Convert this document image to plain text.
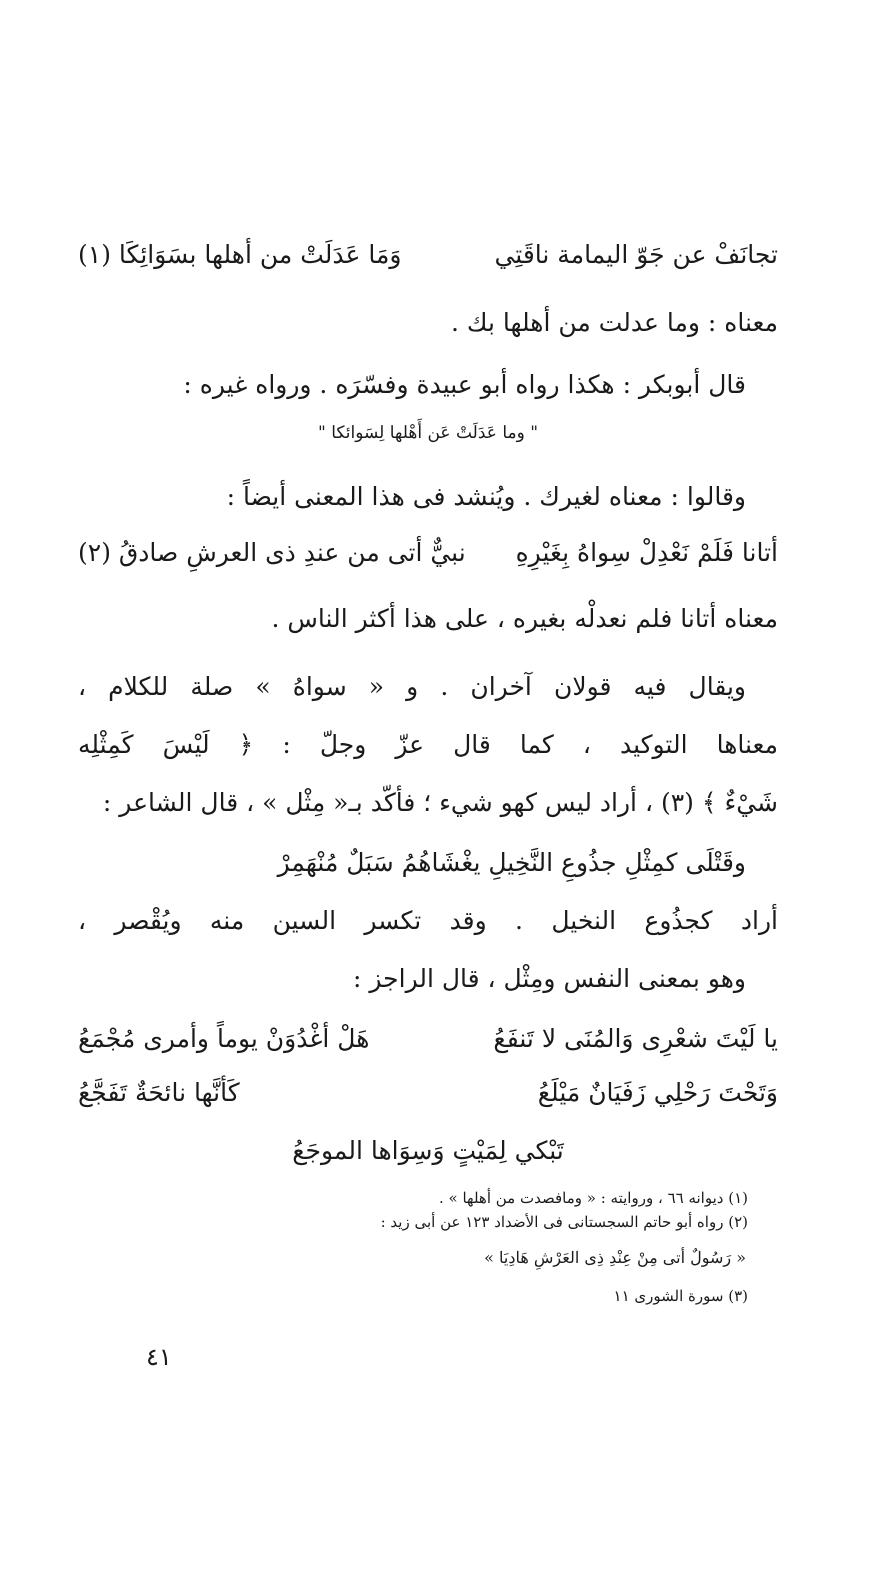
تجانَفْ عن جَوّ اليمامة ناقَتِي
وَمَا عَدَلَتْ من أهلها بسَوَائِكَا (١)
معناه : وما عدلت من أهلها بك .
قال أبوبكر : هكذا رواه أبو عبيدة وفسّرَه . ورواه غيره :
" وما عَدَلَتْ عَن أَهْلها لِسَوائكا "
وقالوا : معناه لغيرك . ويُنشد فى هذا المعنى أيضاً :
أتانا فَلَمْ نَعْدِلْ سِواهُ بِغَيْرِهِ
نبيٌّ أتى من عندِ ذى العرشِ صادقُ (٢)
معناه أتانا فلم نعدلْه بغيره ، على هذا أكثر الناس .
ويقال فيه قولان آخران . و « سواهُ » صلة للكلام ،
معناها التوكيد ، كما قال عزّ وجلّ : ﴿ لَيْسَ كَمِثْلِه
شَيْءٌ ﴾ (٣) ، أراد ليس كهو شيء ؛ فأكّد بـ« مِثْل » ، قال الشاعر :
وقَتْلَى كمِثْلِ جذُوعِ النَّخِيلِ يغْشَاهُمُ سَبَلٌ مُنْهَمِرْ
أراد كجذُوع النخيل . وقد تكسر السين منه ويُقْصر ،
وهو بمعنى النفس ومِثْل ، قال الراجز :
يا لَيْتَ شعْرِى وَالمُنَى لا تَنفَعُ
هَلْ أغْدُوَنْ يوماً وأمرى مُجْمَعُ
وَتَحْتَ رَحْلِي زَفَيَانٌ مَيْلَعُ
كَأنَّها نائحَةٌ تَفَجَّعُ
تَبْكي لِمَيْتٍ وَسِوَاها الموجَعُ
(١) ديوانه ٦٦ ، وروايته : « ومافصدت من أهلها » .
(٢) رواه أبو حاتم السجستانى فى الأضداد ١٢٣ عن أبى زيد :
« رَسُولٌ أتى مِنْ عِنْدِ ذِى العَرْشِ هَادِيَا »
(٣) سورة الشورى ١١
٤١
